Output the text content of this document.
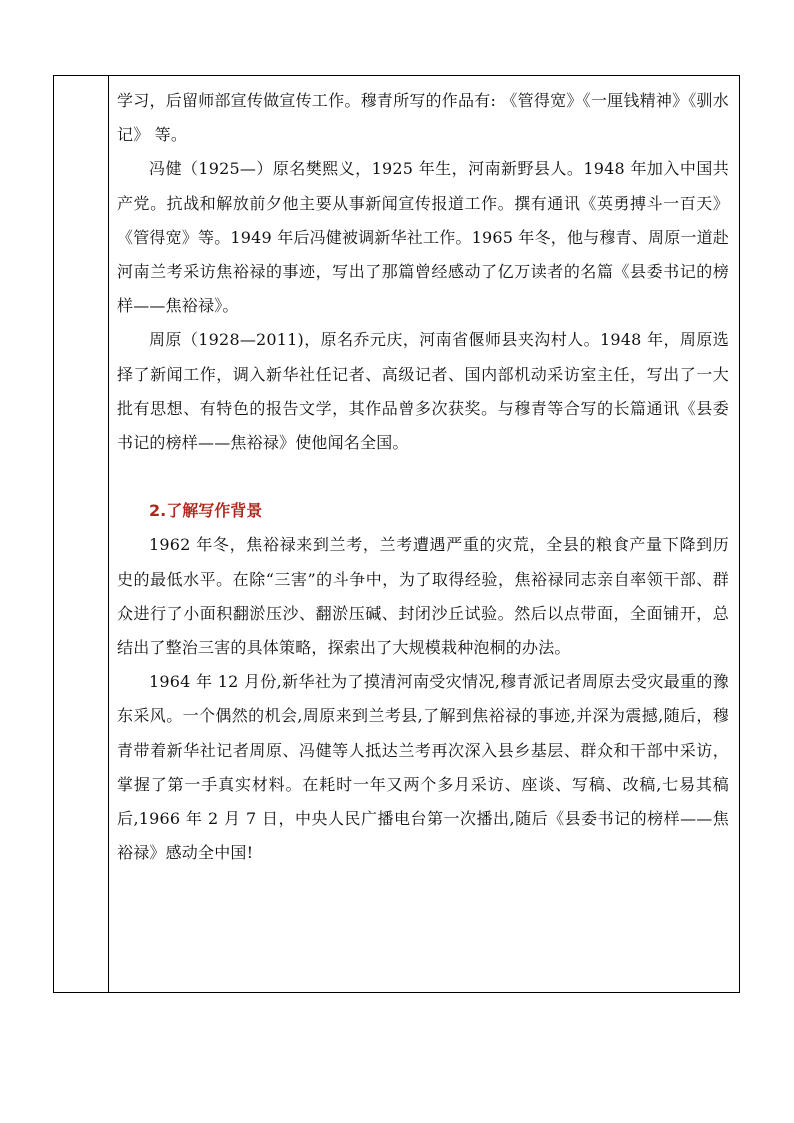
学习，后留师部宣传做宣传工作。穆青所写的作品有: 《管得宽》《一厘钱精神》《驯水记》 等。

冯健（1925—）原名樊熙义，1925 年生，河南新野县人。1948 年加入中国共产党。抗战和解放前夕他主要从事新闻宣传报道工作。撰有通讯《英勇搏斗一百天》《管得宽》等。1949 年后冯健被调新华社工作。1965 年冬，他与穆青、周原一道赴河南兰考采访焦裕禄的事迹，写出了那篇曾经感动了亿万读者的名篇《县委书记的榜样——焦裕禄》。

周原（1928—2011)，原名乔元庆，河南省偃师县夹沟村人。1948 年，周原选择了新闻工作，调入新华社任记者、高级记者、国内部机动采访室主任，写出了一大批有思想、有特色的报告文学，其作品曾多次获奖。与穆青等合写的长篇通讯《县委书记的榜样——焦裕禄》使他闻名全国。

2.了解写作背景

1962 年冬，焦裕禄来到兰考，兰考遭遇严重的灾荒，全县的粮食产量下降到历史的最低水平。在除“三害”的斗争中，为了取得经验，焦裕禄同志亲自率领干部、群众进行了小面积翻淤压沙、翻淤压碱、封闭沙丘试验。然后以点带面，全面铺开，总结出了整治三害的具体策略，探索出了大规模栽种泡桐的办法。

1964 年 12 月份,新华社为了摸清河南受灾情况,穆青派记者周原去受灾最重的豫东采风。一个偶然的机会,周原来到兰考县,了解到焦裕禄的事迹,并深为震撼,随后，穆青带着新华社记者周原、冯健等人抵达兰考再次深入县乡基层、群众和干部中采访，掌握了第一手真实材料。在耗时一年又两个多月采访、座谈、写稿、改稿,七易其稿后,1966 年 2 月 7 日，中央人民广播电台第一次播出,随后《县委书记的榜样——焦裕禄》感动全中国!
